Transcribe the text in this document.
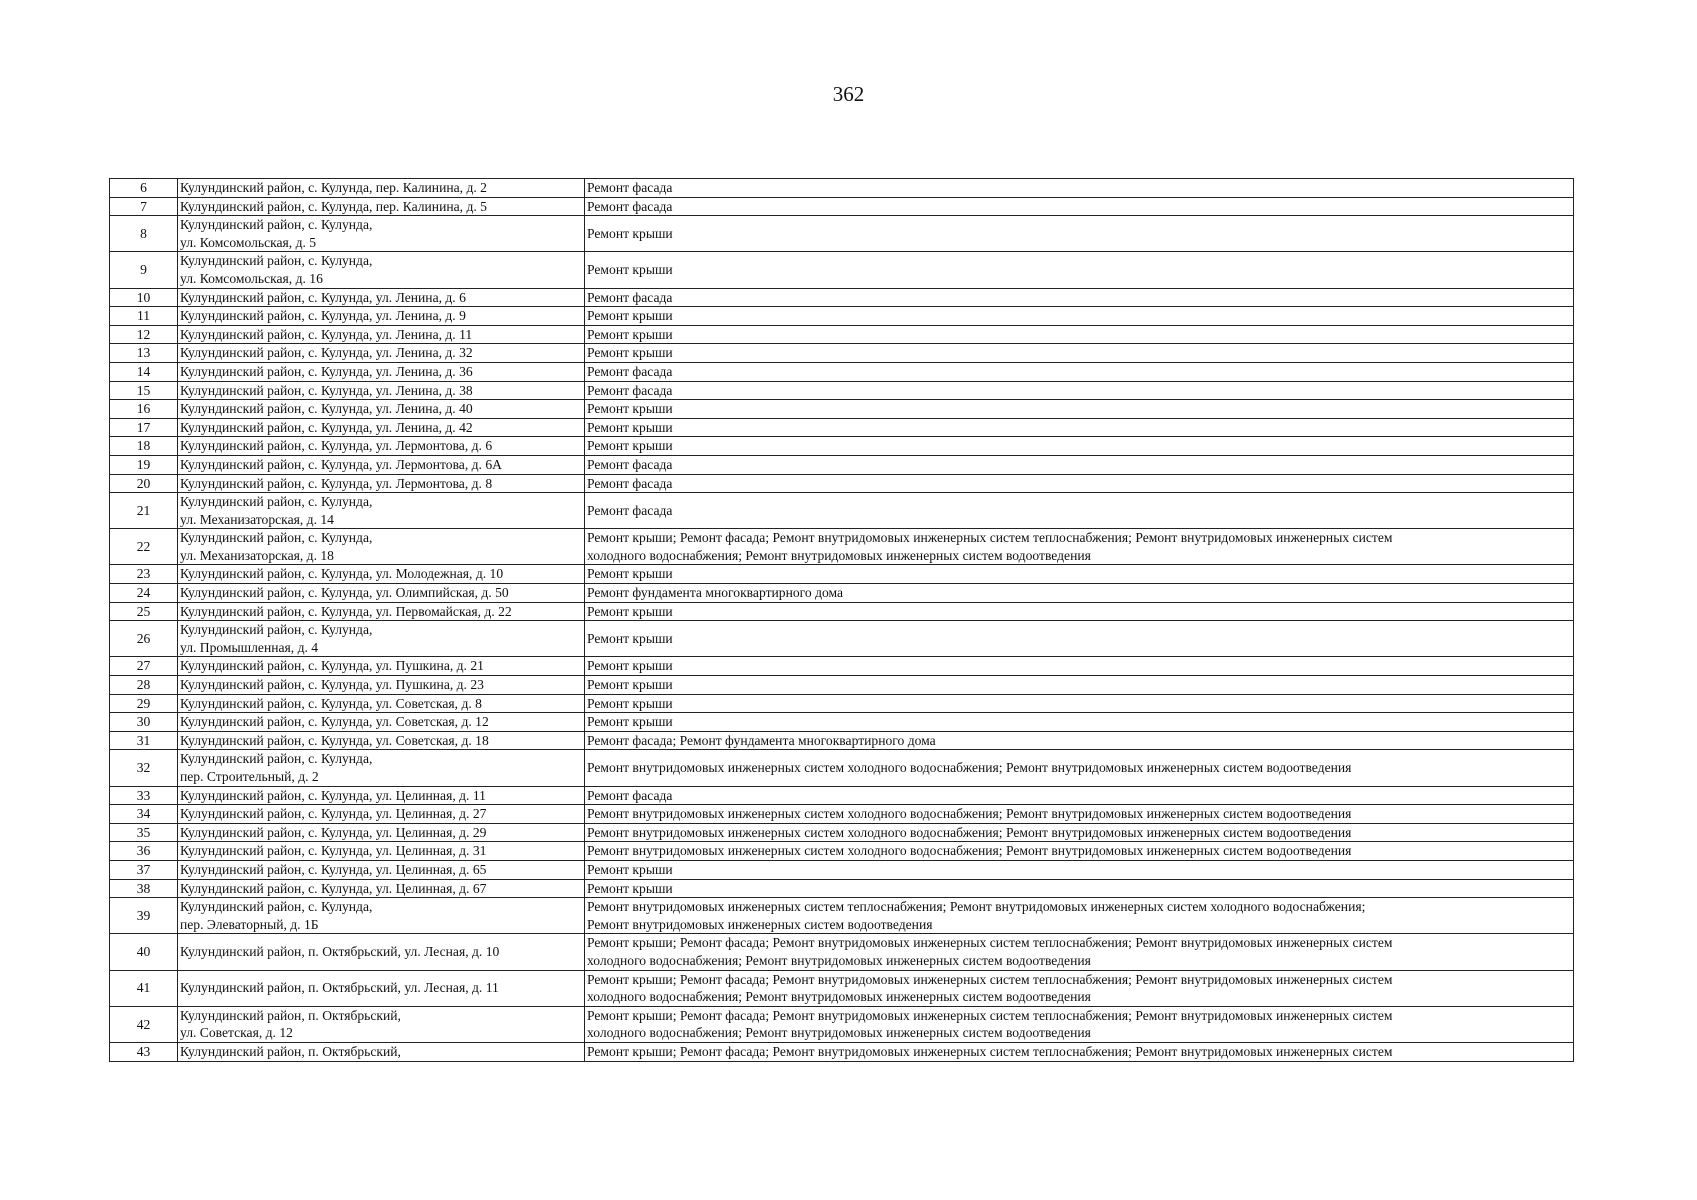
362
6	Кулундинский район, с. Кулунда, пер. Калинина, д. 2	Ремонт фасада
7	Кулундинский район, с. Кулунда, пер. Калинина, д. 5	Ремонт фасада
8	Кулундинский район, с. Кулунда,
ул. Комсомольская, д. 5	Ремонт крыши
9	Кулундинский район, с. Кулунда,
ул. Комсомольская, д. 16	Ремонт крыши
10	Кулундинский район, с. Кулунда, ул. Ленина, д. 6	Ремонт фасада
11	Кулундинский район, с. Кулунда, ул. Ленина, д. 9	Ремонт крыши
12	Кулундинский район, с. Кулунда, ул. Ленина, д. 11	Ремонт крыши
13	Кулундинский район, с. Кулунда, ул. Ленина, д. 32	Ремонт крыши
14	Кулундинский район, с. Кулунда, ул. Ленина, д. 36	Ремонт фасада
15	Кулундинский район, с. Кулунда, ул. Ленина, д. 38	Ремонт фасада
16	Кулундинский район, с. Кулунда, ул. Ленина, д. 40	Ремонт крыши
17	Кулундинский район, с. Кулунда, ул. Ленина, д. 42	Ремонт крыши
18	Кулундинский район, с. Кулунда, ул. Лермонтова, д. 6	Ремонт крыши
19	Кулундинский район, с. Кулунда, ул. Лермонтова, д. 6А	Ремонт фасада
20	Кулундинский район, с. Кулунда, ул. Лермонтова, д. 8	Ремонт фасада
21	Кулундинский район, с. Кулунда,
ул. Механизаторская, д. 14	Ремонт фасада
22	Кулундинский район, с. Кулунда,
ул. Механизаторская, д. 18	Ремонт крыши; Ремонт фасада; Ремонт внутридомовых инженерных систем теплоснабжения; Ремонт внутридомовых инженерных систем
холодного водоснабжения; Ремонт внутридомовых инженерных систем водоотведения
23	Кулундинский район, с. Кулунда, ул. Молодежная, д. 10	Ремонт крыши
24	Кулундинский район, с. Кулунда, ул. Олимпийская, д. 50	Ремонт фундамента многоквартирного дома
25	Кулундинский район, с. Кулунда, ул. Первомайская, д. 22	Ремонт крыши
26	Кулундинский район, с. Кулунда,
ул. Промышленная, д. 4	Ремонт крыши
27	Кулундинский район, с. Кулунда, ул. Пушкина, д. 21	Ремонт крыши
28	Кулундинский район, с. Кулунда, ул. Пушкина, д. 23	Ремонт крыши
29	Кулундинский район, с. Кулунда, ул. Советская, д. 8	Ремонт крыши
30	Кулундинский район, с. Кулунда, ул. Советская, д. 12	Ремонт крыши
31	Кулундинский район, с. Кулунда, ул. Советская, д. 18	Ремонт фасада; Ремонт фундамента многоквартирного дома
32	Кулундинский район, с. Кулунда,
пер. Строительный, д. 2	Ремонт внутридомовых инженерных систем холодного водоснабжения; Ремонт внутридомовых инженерных систем водоотведения
33	Кулундинский район, с. Кулунда, ул. Целинная, д. 11	Ремонт фасада
34	Кулундинский район, с. Кулунда, ул. Целинная, д. 27	Ремонт внутридомовых инженерных систем холодного водоснабжения; Ремонт внутридомовых инженерных систем водоотведения
35	Кулундинский район, с. Кулунда, ул. Целинная, д. 29	Ремонт внутридомовых инженерных систем холодного водоснабжения; Ремонт внутридомовых инженерных систем водоотведения
36	Кулундинский район, с. Кулунда, ул. Целинная, д. 31	Ремонт внутридомовых инженерных систем холодного водоснабжения; Ремонт внутридомовых инженерных систем водоотведения
37	Кулундинский район, с. Кулунда, ул. Целинная, д. 65	Ремонт крыши
38	Кулундинский район, с. Кулунда, ул. Целинная, д. 67	Ремонт крыши
39	Кулундинский район, с. Кулунда,
пер. Элеваторный, д. 1Б	Ремонт внутридомовых инженерных систем теплоснабжения; Ремонт внутридомовых инженерных систем холодного водоснабжения;
Ремонт внутридомовых инженерных систем водоотведения
40	Кулундинский район, п. Октябрьский, ул. Лесная, д. 10	Ремонт крыши; Ремонт фасада; Ремонт внутридомовых инженерных систем теплоснабжения; Ремонт внутридомовых инженерных систем
холодного водоснабжения; Ремонт внутридомовых инженерных систем водоотведения
41	Кулундинский район, п. Октябрьский, ул. Лесная, д. 11	Ремонт крыши; Ремонт фасада; Ремонт внутридомовых инженерных систем теплоснабжения; Ремонт внутридомовых инженерных систем
холодного водоснабжения; Ремонт внутридомовых инженерных систем водоотведения
42	Кулундинский район, п. Октябрьский,
ул. Советская, д. 12	Ремонт крыши; Ремонт фасада; Ремонт внутридомовых инженерных систем теплоснабжения; Ремонт внутридомовых инженерных систем
холодного водоснабжения; Ремонт внутридомовых инженерных систем водоотведения
43	Кулундинский район, п. Октябрьский,	Ремонт крыши; Ремонт фасада; Ремонт внутридомовых инженерных систем теплоснабжения; Ремонт внутридомовых инженерных систем
